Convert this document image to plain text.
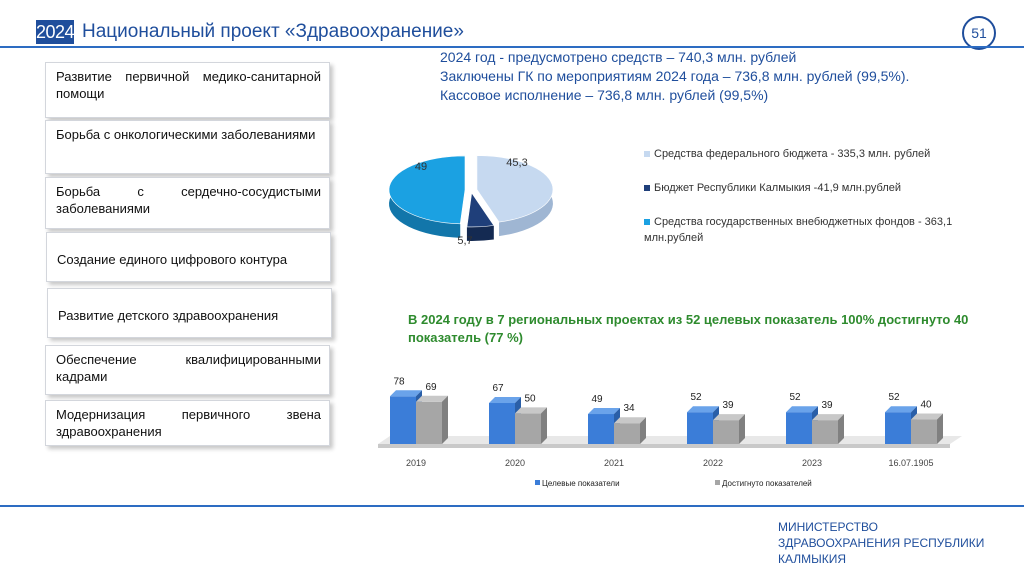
2024 Национальный проект «Здравоохранение»	51
Развитие первичной медико-санитарной помощи
Борьба с онкологическими заболеваниями
Борьба с сердечно-сосудистыми заболеваниями
Создание единого цифрового контура
Развитие детского здравоохранения
Обеспечение квалифицированными кадрами
Модернизация первичного звена здравоохранения
2024 год - предусмотрено средств – 740,3 млн. рублей
Заключены ГК по мероприятиям 2024 года – 736,8 млн. рублей (99,5%).
Кассовое исполнение – 736,8 млн. рублей (99,5%)
45,3
5,7
49
Средства федерального бюджета - 335,3 млн. рублей
Бюджет Республики Калмыкия -41,9 млн.рублей
Средства государственных внебюджетных фондов - 363,1 млн.рублей
В 2024 году в 7 региональных проектах из 52 целевых показатель 100% достигнуто 40 показатель (77 %)
78
69
2019
67
50
2020
49
34
2021
52
39
2022
52
39
2023
52
40
16.07.1905
Целевые показатели	Достигнуто показателей
МИНИСТЕРСТВО ЗДРАВООХРАНЕНИЯ РЕСПУБЛИКИ КАЛМЫКИЯ
